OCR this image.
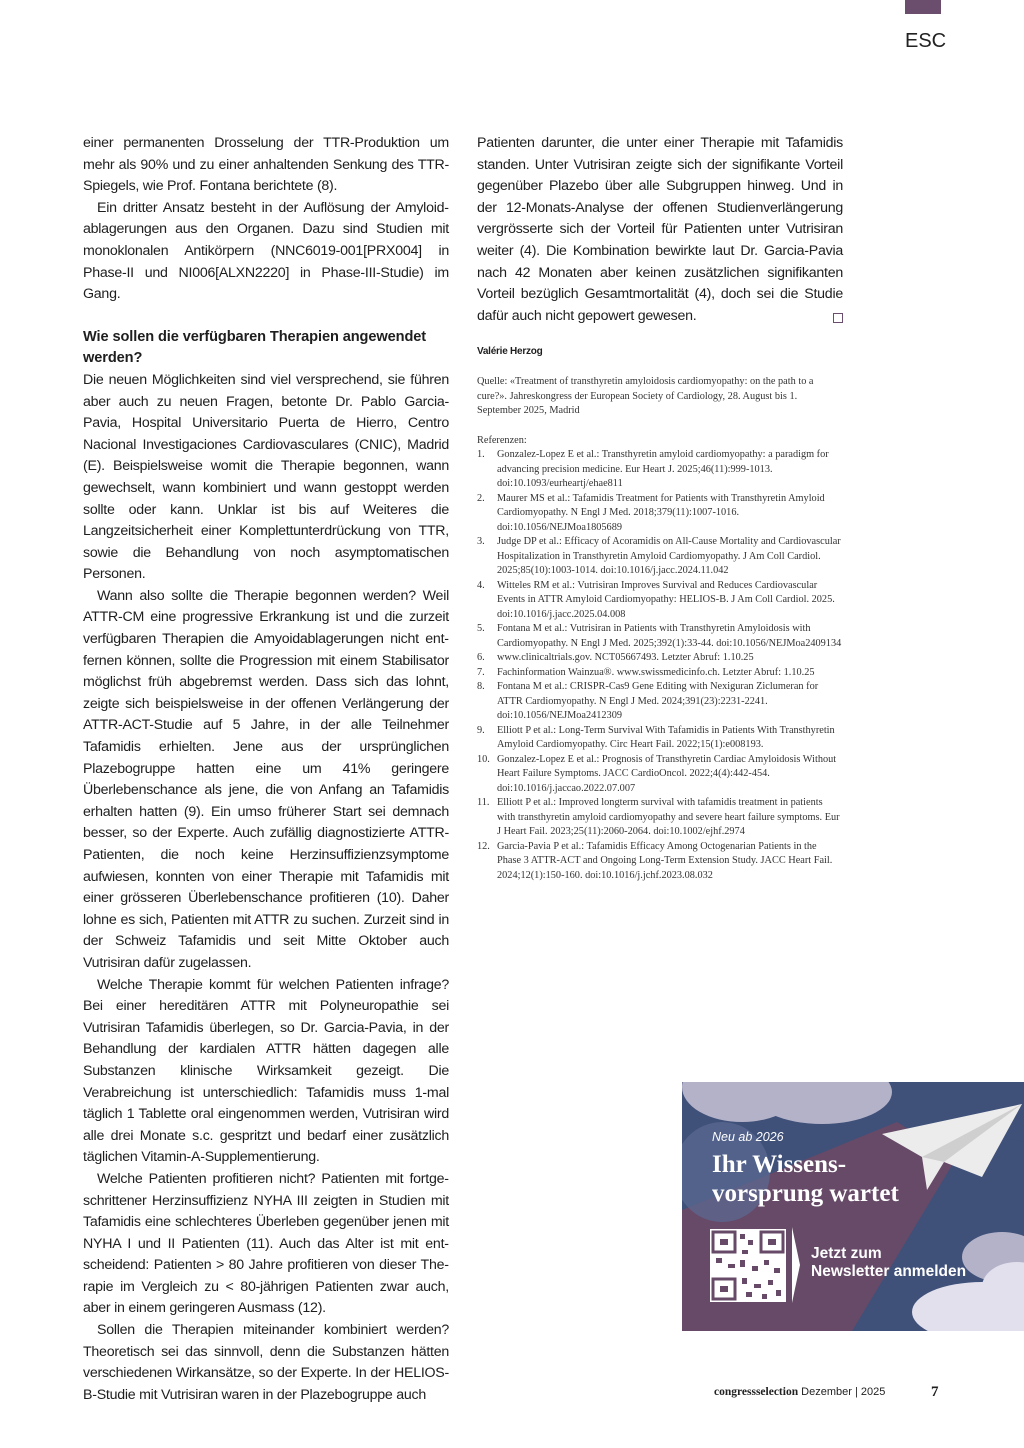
ESC

einer permanenten Drosselung der TTR-Produktion um mehr als 90% und zu einer anhaltenden Senkung des TTR-Spiegels, wie Prof. Fontana berichtete (8).

Ein dritter Ansatz besteht in der Auflösung der Amyloidablagerungen aus den Organen. Dazu sind Studien mit monoklonalen Antikörpern (NNC6019-001[PRX004] in Phase-II und NI006[ALXN2220] in Phase-III-Studie) im Gang.

Wie sollen die verfügbaren Therapien angewendet werden?

Die neuen Möglichkeiten sind viel versprechend, sie führen aber auch zu neuen Fragen, betonte Dr. Pablo Garcia-Pavia, Hospital Universitario Puerta de Hierro, Centro Nacional Investigaciones Cardiovasculares (CNIC), Madrid (E). Beispielsweise womit die Therapie begonnen, wann gewechselt, wann kombiniert und wann gestoppt werden sollte oder kann. Unklar ist bis auf Weiteres die Langzeitsicherheit einer Komplettunterdrückung von TTR, sowie die Behandlung von noch asymptomatischen Personen.

Wann also sollte die Therapie begonnen werden? Weil ATTR-CM eine progressive Erkrankung ist und die zurzeit verfügbaren Therapien die Amyoidablagerungen nicht entfernen können, sollte die Progression mit einem Stabilisator möglichst früh abgebremst werden. Dass sich das lohnt, zeigte sich beispielsweise in der offenen Verlängerung der ATTR-ACT-Studie auf 5 Jahre, in der alle Teilnehmer Tafamidis erhielten. Jene aus der ursprünglichen Plazebogruppe hatten eine um 41% geringere Überlebenschance als jene, die von Anfang an Tafamidis erhalten hatten (9). Ein umso früherer Start sei demnach besser, so der Experte. Auch zufällig diagnostizierte ATTR-Patienten, die noch keine Herzinsuffizienzsymptome aufwiesen, konnten von einer Therapie mit Tafamidis mit einer grösseren Überlebenschance profitieren (10). Daher lohne es sich, Patienten mit ATTR zu suchen. Zurzeit sind in der Schweiz Tafamidis und seit Mitte Oktober auch Vutrisiran dafür zugelassen.

Welche Therapie kommt für welchen Patienten infrage? Bei einer hereditären ATTR mit Polyneuropathie sei Vutrisiran Tafamidis überlegen, so Dr. Garcia-Pavia, in der Behandlung der kardialen ATTR hätten dagegen alle Substanzen klinische Wirksamkeit gezeigt. Die Verabreichung ist unterschiedlich: Tafamidis muss 1-mal täglich 1 Tablette oral eingenommen werden, Vutrisiran wird alle drei Monate s.c. gespritzt und bedarf einer zusätzlich täglichen Vitamin-A-Supplementierung.

Welche Patienten profitieren nicht? Patienten mit fortgeschrittener Herzinsuffizienz NYHA III zeigten in Studien mit Tafamidis eine schlechteres Überleben gegenüber jenen mit NYHA I und II Patienten (11). Auch das Alter ist mit entscheidend: Patienten > 80 Jahre profitieren von dieser Therapie im Vergleich zu < 80-jährigen Patienten zwar auch, aber in einem geringeren Ausmass (12).

Sollen die Therapien miteinander kombiniert werden? Theoretisch sei das sinnvoll, denn die Substanzen hätten verschiedenen Wirkansätze, so der Experte. In der HELIOS-B-Studie mit Vutrisiran waren in der Plazebogruppe auch

Patienten darunter, die unter einer Therapie mit Tafamidis standen. Unter Vutrisiran zeigte sich der signifikante Vorteil gegenüber Plazebo über alle Subgruppen hinweg. Und in der 12-Monats-Analyse der offenen Studienverlängerung vergrösserte sich der Vorteil für Patienten unter Vutrisiran weiter (4). Die Kombination bewirkte laut Dr. Garcia-Pavia nach 42 Monaten aber keinen zusätzlichen signifikanten Vorteil bezüglich Gesamtmortalität (4), doch sei die Studie dafür auch nicht gepowert gewesen.

Valérie Herzog
Quelle: «Treatment of transthyretin amyloidosis cardiomyopathy: on the path to a cure?». Jahreskongress der European Society of Cardiology, 28. August bis 1. September 2025, Madrid
Referenzen:
1. Gonzalez-Lopez E et al.: Transthyretin amyloid cardiomyopathy: a paradigm for advancing precision medicine. Eur Heart J. 2025;46(11):999-1013. doi:10.1093/eurheartj/ehae811
2. Maurer MS et al.: Tafamidis Treatment for Patients with Transthyretin Amyloid Cardiomyopathy. N Engl J Med. 2018;379(11):1007-1016. doi:10.1056/NEJMoa1805689
3. Judge DP et al.: Efficacy of Acoramidis on All-Cause Mortality and Cardiovascular Hospitalization in Transthyretin Amyloid Cardiomyopathy. J Am Coll Cardiol. 2025;85(10):1003-1014. doi:10.1016/j.jacc.2024.11.042
4. Witteles RM et al.: Vutrisiran Improves Survival and Reduces Cardiovascular Events in ATTR Amyloid Cardiomyopathy: HELIOS-B. J Am Coll Cardiol. 2025. doi:10.1016/j.jacc.2025.04.008
5. Fontana M et al.: Vutrisiran in Patients with Transthyretin Amyloidosis with Cardiomyopathy. N Engl J Med. 2025;392(1):33-44. doi:10.1056/NEJMoa2409134
6. www.clinicaltrials.gov. NCT05667493. Letzter Abruf: 1.10.25
7. Fachinformation Wainzua®. www.swissmedicinfo.ch. Letzter Abruf: 1.10.25
8. Fontana M et al.: CRISPR-Cas9 Gene Editing with Nexiguran Ziclumeran for ATTR Cardiomyopathy. N Engl J Med. 2024;391(23):2231-2241. doi:10.1056/NEJMoa2412309
9. Elliott P et al.: Long-Term Survival With Tafamidis in Patients With Transthyretin Amyloid Cardiomyopathy. Circ Heart Fail. 2022;15(1):e008193.
10. Gonzalez-Lopez E et al.: Prognosis of Transthyretin Cardiac Amyloidosis Without Heart Failure Symptoms. JACC CardioOncol. 2022;4(4):442-454. doi:10.1016/j.jaccao.2022.07.007
11. Elliott P et al.: Improved longterm survival with tafamidis treatment in patients with transthyretin amyloid cardiomyopathy and severe heart failure symptoms. Eur J Heart Fail. 2023;25(11):2060-2064. doi:10.1002/ejhf.2974
12. Garcia-Pavia P et al.: Tafamidis Efficacy Among Octogenarian Patients in the Phase 3 ATTR-ACT and Ongoing Long-Term Extension Study. JACC Heart Fail. 2024;12(1):150-160. doi:10.1016/j.jchf.2023.08.032
Neu ab 2026
Ihr Wissens-
vorsprung wartet
Jetzt zum
Newsletter anmelden
congressselection Dezember | 2025	7
